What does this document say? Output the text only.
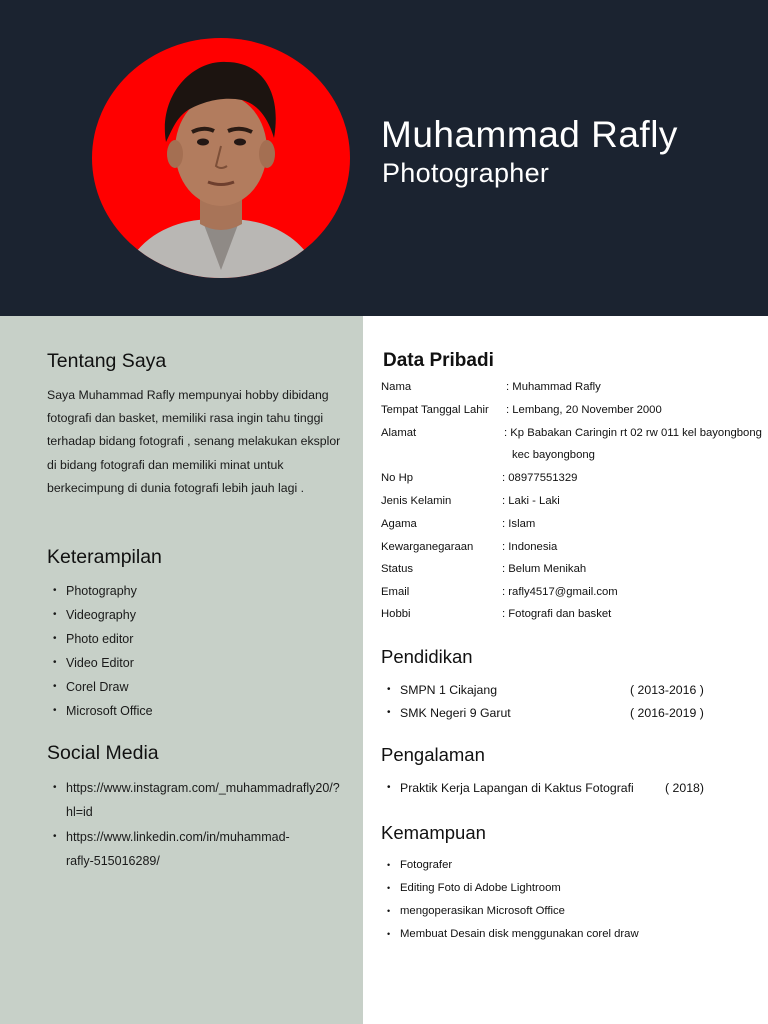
Muhammad Rafly
Photographer
Tentang Saya
Saya Muhammad Rafly mempunyai hobby dibidang fotografi dan basket, memiliki rasa ingin tahu tinggi terhadap bidang fotografi , senang melakukan eksplor di bidang fotografi dan memiliki minat untuk berkecimpung di dunia fotografi lebih jauh lagi .
Keterampilan
• Photography
• Videography
• Photo editor
• Video Editor
• Corel Draw
• Microsoft Office
Social Media
• https://www.instagram.com/_muhammadrafly20/?
hl=id
• https://www.linkedin.com/in/muhammad-
rafly-515016289/
Data Pribadi
Nama	: Muhammad Rafly
Tempat Tanggal Lahir : Lembang, 20 November 2000
Alamat	: Kp Babakan Caringin rt 02 rw 011 kel bayongbong
kec bayongbong
No Hp	: 08977551329
Jenis Kelamin	: Laki - Laki
Agama	: Islam
Kewarganegaraan	: Indonesia
Status	: Belum Menikah
Email	: rafly4517@gmail.com
Hobbi	: Fotografi dan basket
Pendidikan
• SMPN 1 Cikajang	( 2013-2016 )
• SMK Negeri 9 Garut	( 2016-2019 )
Pengalaman
• Praktik Kerja Lapangan di Kaktus Fotografi	( 2018)
Kemampuan
• Fotografer
• Editing Foto di Adobe Lightroom
• mengoperasikan Microsoft Office
• Membuat Desain disk menggunakan corel draw
